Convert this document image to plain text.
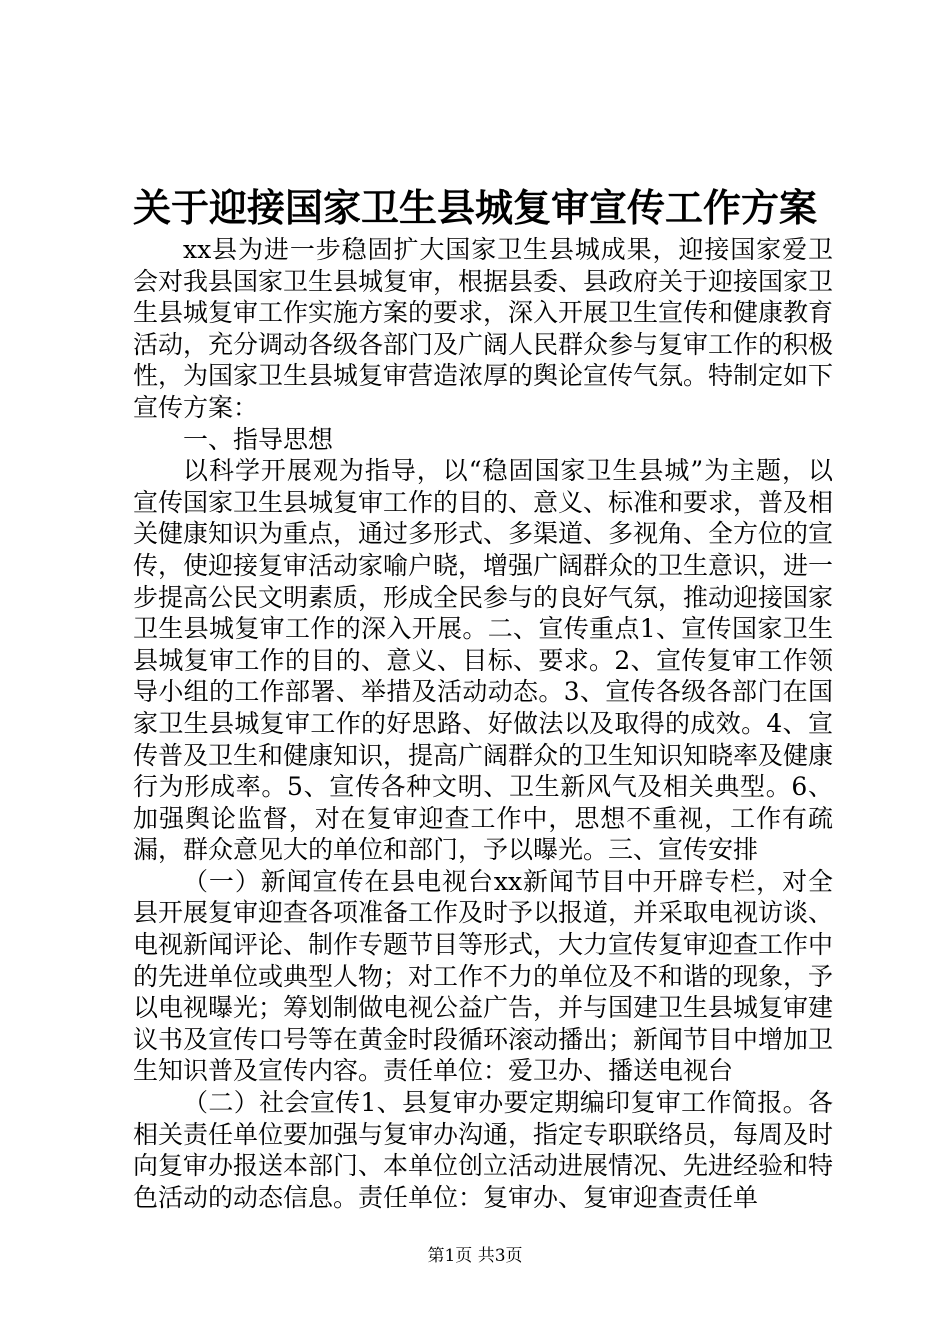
关于迎接国家卫生县城复审宣传工作方案

xx县为进一步稳固扩大国家卫生县城成果，迎接国家爱卫会对我县国家卫生县城复审，根据县委、县政府关于迎接国家卫生县城复审工作实施方案的要求，深入开展卫生宣传和健康教育活动，充分调动各级各部门及广阔人民群众参与复审工作的积极性，为国家卫生县城复审营造浓厚的舆论宣传气氛。特制定如下宣传方案：

一、指导思想

以科学开展观为指导，以“稳固国家卫生县城”为主题，以宣传国家卫生县城复审工作的目的、意义、标准和要求，普及相关健康知识为重点，通过多形式、多渠道、多视角、全方位的宣传，使迎接复审活动家喻户晓，增强广阔群众的卫生意识，进一步提高公民文明素质，形成全民参与的良好气氛，推动迎接国家卫生县城复审工作的深入开展。二、宣传重点1、宣传国家卫生县城复审工作的目的、意义、目标、要求。2、宣传复审工作领导小组的工作部署、举措及活动动态。3、宣传各级各部门在国家卫生县城复审工作的好思路、好做法以及取得的成效。4、宣传普及卫生和健康知识，提高广阔群众的卫生知识知晓率及健康行为形成率。5、宣传各种文明、卫生新风气及相关典型。6、加强舆论监督，对在复审迎查工作中，思想不重视，工作有疏漏，群众意见大的单位和部门，予以曝光。三、宣传安排

（一）新闻宣传在县电视台xx新闻节目中开辟专栏，对全县开展复审迎查各项准备工作及时予以报道，并采取电视访谈、电视新闻评论、制作专题节目等形式，大力宣传复审迎查工作中的先进单位或典型人物；对工作不力的单位及不和谐的现象，予以电视曝光；筹划制做电视公益广告，并与国建卫生县城复审建议书及宣传口号等在黄金时段循环滚动播出；新闻节目中增加卫生知识普及宣传内容。责任单位：爱卫办、播送电视台

（二）社会宣传1、县复审办要定期编印复审工作简报。各相关责任单位要加强与复审办沟通，指定专职联络员，每周及时向复审办报送本部门、本单位创立活动进展情况、先进经验和特色活动的动态信息。责任单位：复审办、复审迎查责任单

第1页 共3页
